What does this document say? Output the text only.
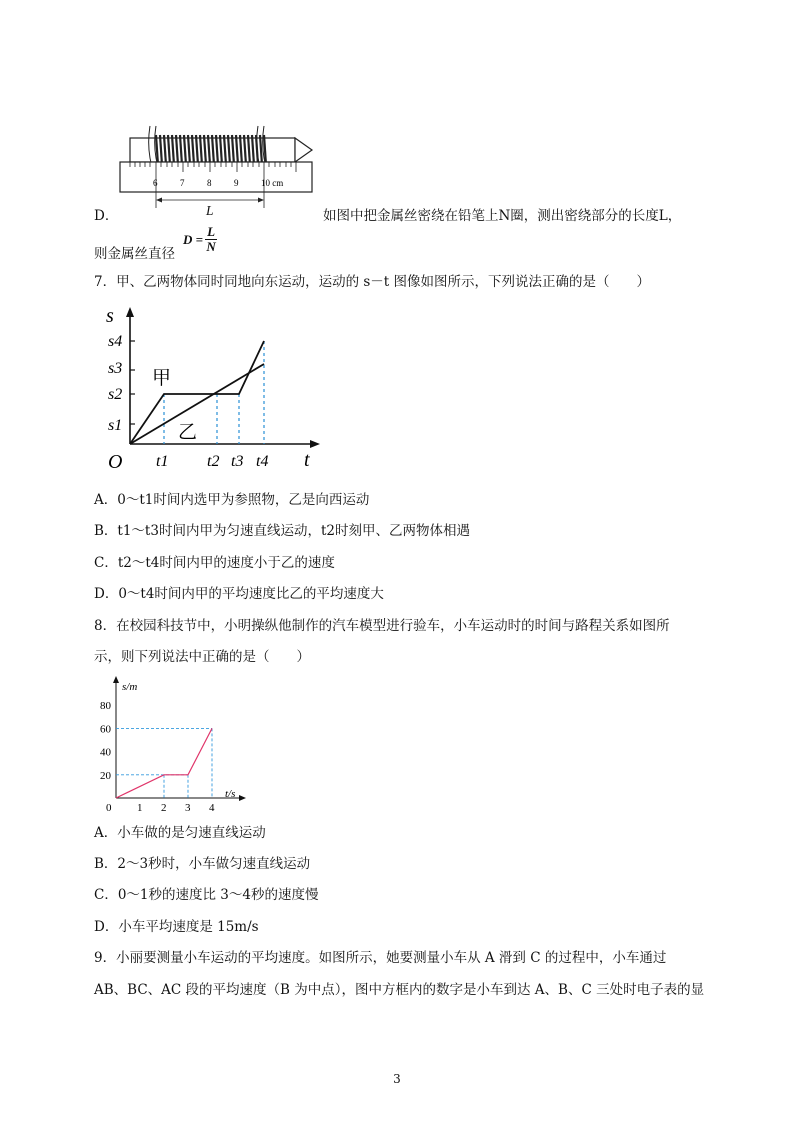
6	7	8	9	10 cm
L
D．	如图中把金属丝密绕在铅笔上N圈，测出密绕部分的长度L，
则金属丝直径
D = L
N
7．甲、乙两物体同时同地向东运动，运动的 s－t 图像如图所示，下列说法正确的是（　　）
s
t
O
s1
s2
s3
s4
t1 t2 t3 t4
甲
乙
A．0～t1时间内选甲为参照物，乙是向西运动
B．t1～t3时间内甲为匀速直线运动，t2时刻甲、乙两物体相遇
C．t2～t4时间内甲的速度小于乙的速度
D．0～t4时间内甲的平均速度比乙的平均速度大
8．在校园科技节中，小明操纵他制作的汽车模型进行验车，小车运动时的时间与路程关系如图所
示，则下列说法中正确的是（　　）
s/m
t/s
0 1 2 3 4
20
40
60
80
A．小车做的是匀速直线运动
B．2～3秒时，小车做匀速直线运动
C．0～1秒的速度比 3～4秒的速度慢
D．小车平均速度是 15m/s
9．小丽要测量小车运动的平均速度。如图所示，她要测量小车从 A 滑到 C 的过程中，小车通过
AB、BC、AC 段的平均速度（B 为中点），图中方框内的数字是小车到达 A、B、C 三处时电子表的显
3
